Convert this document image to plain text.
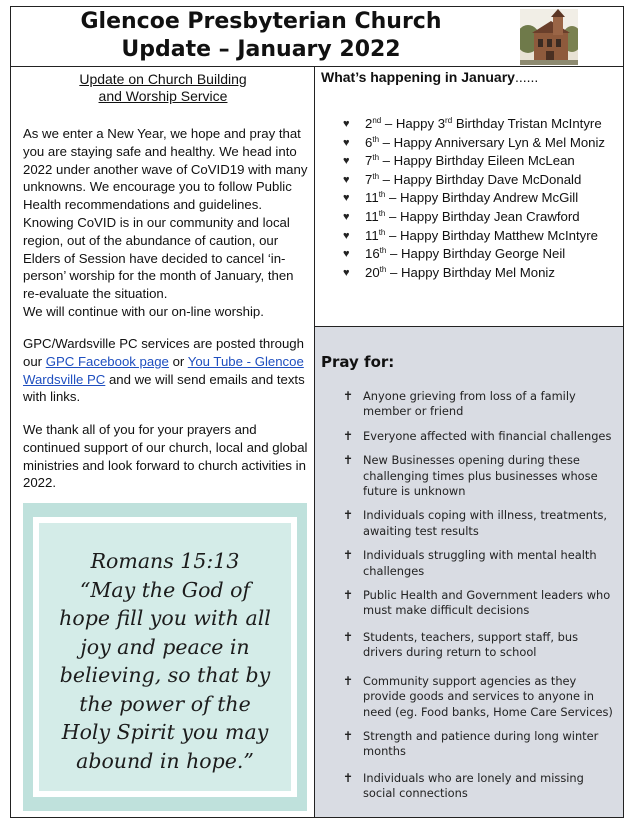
Glencoe Presbyterian Church
Update – January 2022
Update on Church Building
and Worship Service
As we enter a New Year, we hope and pray that you are staying safe and healthy. We head into 2022 under another wave of CoVID19 with many unknowns. We encourage you to follow Public Health recommendations and guidelines. Knowing CoVID is in our community and local region, out of the abundance of caution, our Elders of Session have decided to cancel ‘in-person’ worship for the month of January, then re-evaluate the situation.
We will continue with our on-line worship.
GPC/Wardsville PC services are posted through our GPC Facebook page or You Tube - Glencoe Wardsville PC and we will send emails and texts with links.
We thank all of you for your prayers and continued support of our church, local and global ministries and look forward to church activities in 2022.
Romans 15:13
“May the God of
hope fill you with all
joy and peace in
believing, so that by
the power of the
Holy Spirit you may
abound in hope.”
What’s happening in January......
♥ 2nd – Happy 3rd Birthday Tristan McIntyre
♥ 6th – Happy Anniversary Lyn & Mel Moniz
♥ 7th – Happy Birthday Eileen McLean
♥ 7th – Happy Birthday Dave McDonald
♥ 11th – Happy Birthday Andrew McGill
♥ 11th – Happy Birthday Jean Crawford
♥ 11th – Happy Birthday Matthew McIntyre
♥ 16th – Happy Birthday George Neil
♥ 20th – Happy Birthday Mel Moniz
Pray for:
✝ Anyone grieving from loss of a family member or friend
✝ Everyone affected with financial challenges
✝ New Businesses opening during these challenging times plus businesses whose future is unknown
✝ Individuals coping with illness, treatments, awaiting test results
✝ Individuals struggling with mental health challenges
✝ Public Health and Government leaders who must make difficult decisions
✝ Students, teachers, support staff, bus drivers during return to school
✝ Community support agencies as they provide goods and services to anyone in need (eg. Food banks, Home Care Services)
✝ Strength and patience during long winter months
✝ Individuals who are lonely and missing social connections
